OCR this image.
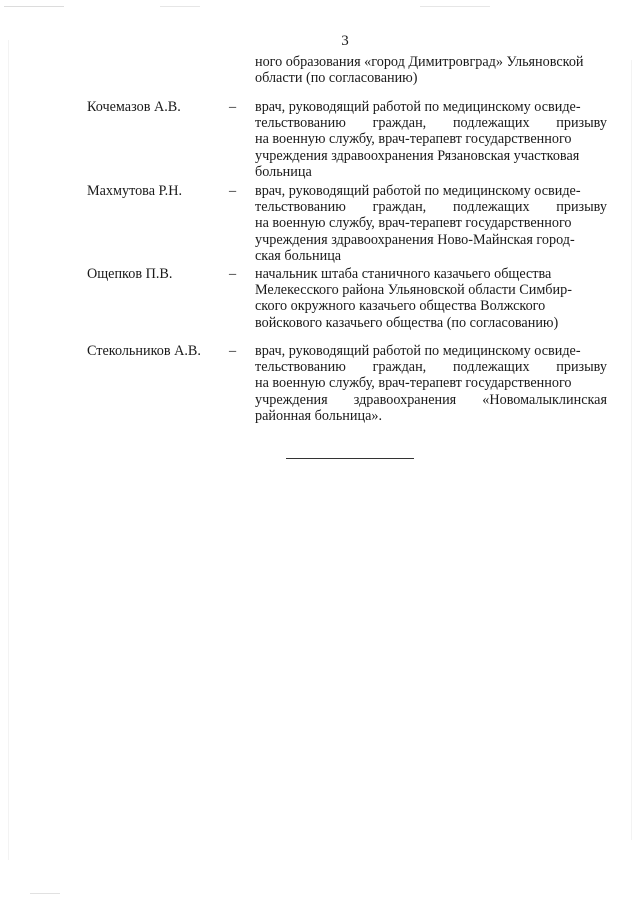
3
ного образования «город Димитровград» Ульяновской
области (по согласованию)
Кочемазов А.В.	– врач, руководящий работой по медицинскому освиде-
тельствованию граждан, подлежащих призыву
на военную службу, врач-терапевт государственного
учреждения здравоохранения Рязановская участковая
больница
Махмутова Р.Н.	– врач, руководящий работой по медицинскому освиде-
тельствованию граждан, подлежащих призыву
на военную службу, врач-терапевт государственного
учреждения здравоохранения Ново-Майнская город-
ская больница
Ощепков П.В.	– начальник штаба станичного казачьего общества
Мелекесского района Ульяновской области Симбир-
ского окружного казачьего общества Волжского
войскового казачьего общества (по согласованию)
Стекольников А.В. – врач, руководящий работой по медицинскому освиде-
тельствованию граждан, подлежащих призыву
на военную службу, врач-терапевт государственного
учреждения здравоохранения «Новомалыклинская
районная больница».
